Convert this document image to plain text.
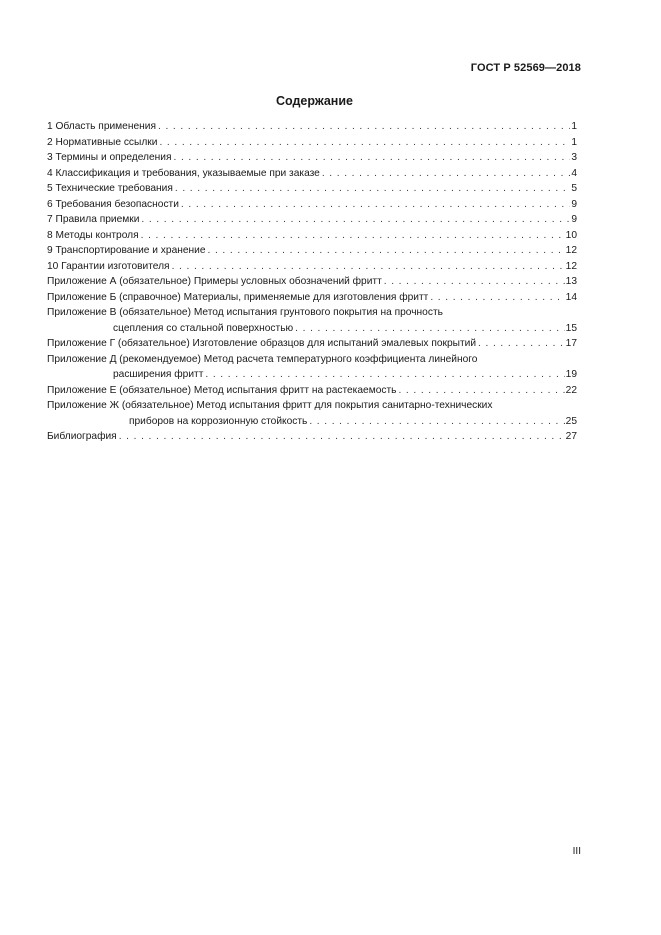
ГОСТ Р 52569—2018
Содержание
1 Область применения . . .	1
2 Нормативные ссылки . . .	1
3 Термины и определения . . .	3
4 Классификация и требования, указываемые при заказе . . .	4
5 Технические требования . . .	5
6 Требования безопасности . . .	9
7 Правила приемки . . .	9
8 Методы контроля . . .	10
9 Транспортирование и хранение . . .	12
10 Гарантии изготовителя . . .	12
Приложение А (обязательное) Примеры условных обозначений фритт . . .	13
Приложение Б (справочное) Материалы, применяемые для изготовления фритт . . .	14
Приложение В (обязательное) Метод испытания грунтового покрытия на прочность
сцепления со стальной поверхностью . . .	15
Приложение Г (обязательное) Изготовление образцов для испытаний эмалевых покрытий . . .	17
Приложение Д (рекомендуемое) Метод расчета температурного коэффициента линейного
расширения фритт . . .	19
Приложение Е (обязательное) Метод испытания фритт на растекаемость . . .	22
Приложение Ж (обязательное) Метод испытания фритт для покрытия санитарно-технических
приборов на коррозионную стойкость . . .	25
Библиография . . .	27
III
